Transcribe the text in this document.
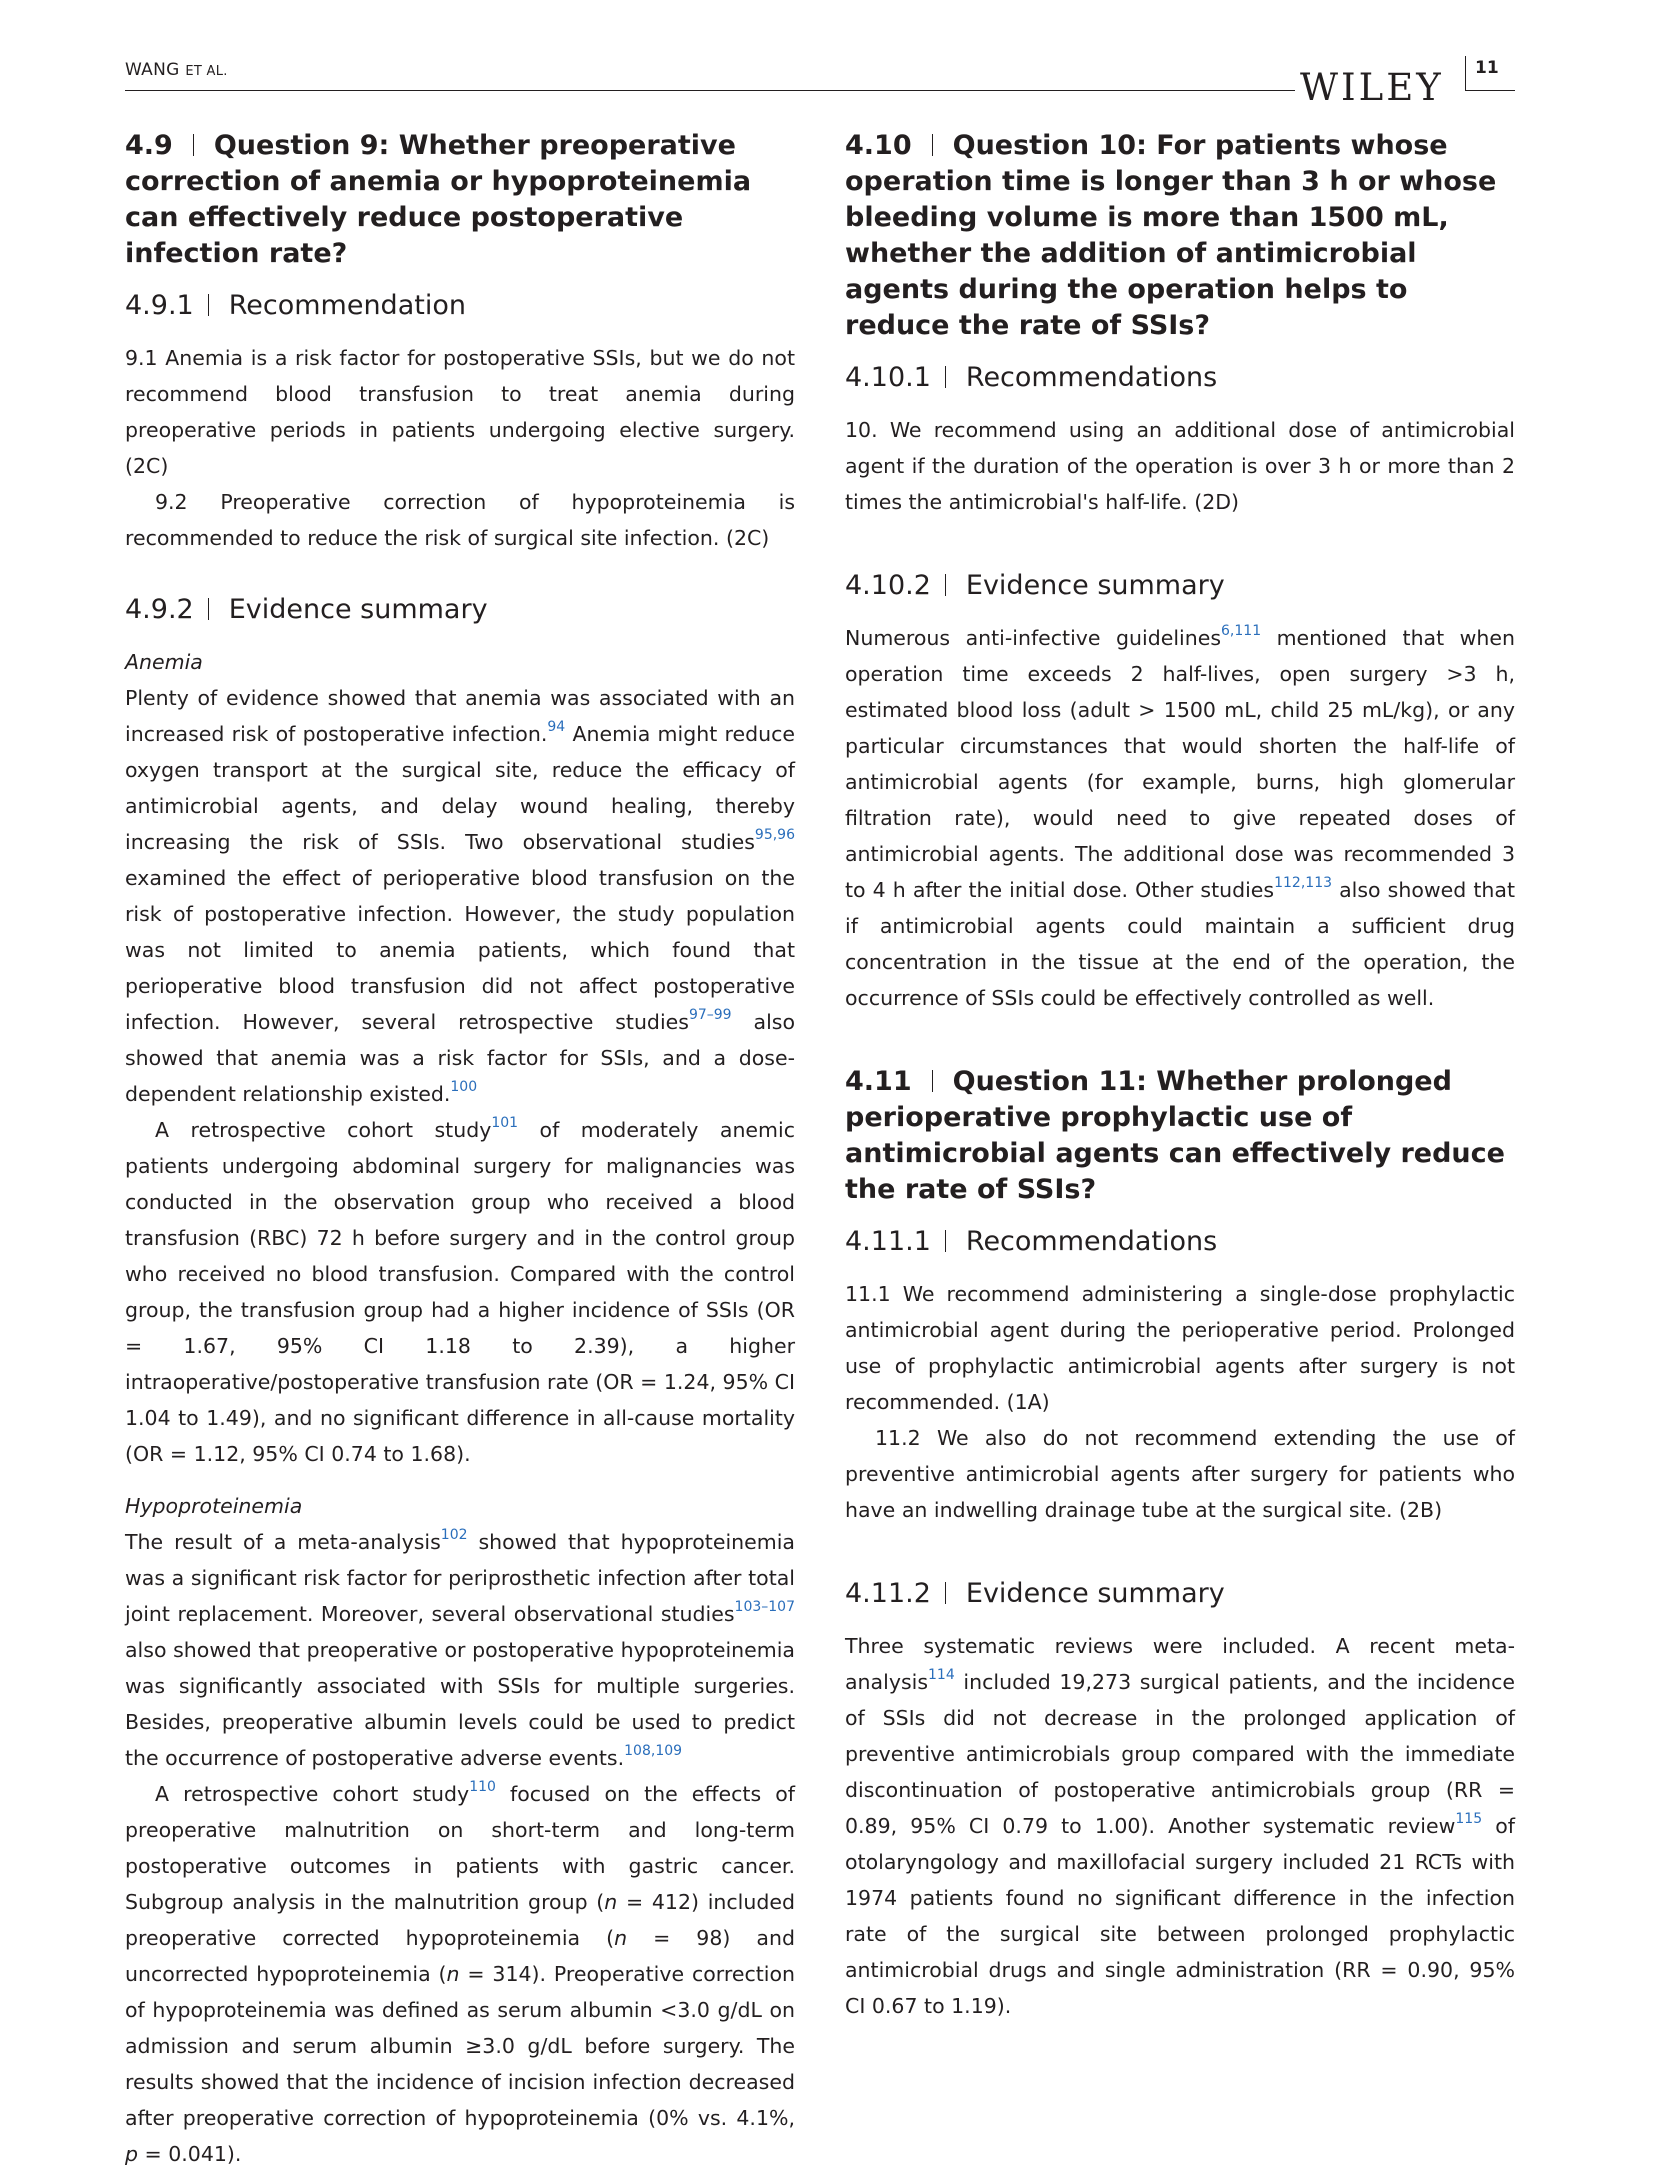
WANG ET AL.	WILEY 11
4.9 Question 9: Whether preoperative correction of anemia or hypoproteinemia can effectively reduce postoperative infection rate?
4.9.1 Recommendation

9.1 Anemia is a risk factor for postoperative SSIs, but we do not recommend blood transfusion to treat anemia during preoperative periods in patients undergoing elective surgery. (2C)

9.2 Preoperative correction of hypoproteinemia is recommended to reduce the risk of surgical site infection. (2C)

4.9.2 Evidence summary
Anemia

Plenty of evidence showed that anemia was associated with an increased risk of postoperative infection.$^{94}$ Anemia might reduce oxygen transport at the surgical site, reduce the efficacy of antimicrobial agents, and delay wound healing, thereby increasing the risk of SSIs. Two observational studies$^{95,96}$ examined the effect of perioperative blood transfusion on the risk of postoperative infection. However, the study population was not limited to anemia patients, which found that perioperative blood transfusion did not affect postoperative infection. However, several retrospective studies$^{97-99}$ also showed that anemia was a risk factor for SSIs, and a dose-dependent relationship existed.$^{100}$

A retrospective cohort study$^{101}$ of moderately anemic patients undergoing abdominal surgery for malignancies was conducted in the observation group who received a blood transfusion (RBC) 72 h before surgery and in the control group who received no blood transfusion. Compared with the control group, the transfusion group had a higher incidence of SSIs (OR = 1.67, 95% CI 1.18 to 2.39), a higher intraoperative/postoperative transfusion rate (OR = 1.24, 95% CI 1.04 to 1.49), and no significant difference in all-cause mortality (OR = 1.12, 95% CI 0.74 to 1.68).

Hypoproteinemia

The result of a meta-analysis$^{102}$ showed that hypoproteinemia was a significant risk factor for periprosthetic infection after total joint replacement. Moreover, several observational studies$^{103-107}$ also showed that preoperative or postoperative hypoproteinemia was significantly associated with SSIs for multiple surgeries. Besides, preoperative albumin levels could be used to predict the occurrence of postoperative adverse events.$^{108,109}$

A retrospective cohort study$^{110}$ focused on the effects of preoperative malnutrition on short-term and long-term postoperative outcomes in patients with gastric cancer. Subgroup analysis in the malnutrition group (n = 412) included preoperative corrected hypoproteinemia (n = 98) and uncorrected hypoproteinemia (n = 314). Preoperative correction of hypoproteinemia was defined as serum albumin <3.0 g/dL on admission and serum albumin ≥3.0 g/dL before surgery. The results showed that the incidence of incision infection decreased after preoperative correction of hypoproteinemia (0% vs. 4.1%, p = 0.041).

4.10 Question 10: For patients whose operation time is longer than 3 h or whose bleeding volume is more than 1500 mL, whether the addition of antimicrobial agents during the operation helps to reduce the rate of SSIs?
4.10.1 Recommendations

10. We recommend using an additional dose of antimicrobial agent if the duration of the operation is over 3 h or more than 2 times the antimicrobial's half-life. (2D)

4.10.2 Evidence summary

Numerous anti-infective guidelines$^{6,111}$ mentioned that when operation time exceeds 2 half-lives, open surgery >3 h, estimated blood loss (adult > 1500 mL, child 25 mL/kg), or any particular circumstances that would shorten the half-life of antimicrobial agents (for example, burns, high glomerular filtration rate), would need to give repeated doses of antimicrobial agents. The additional dose was recommended 3 to 4 h after the initial dose. Other studies$^{112,113}$ also showed that if antimicrobial agents could maintain a sufficient drug concentration in the tissue at the end of the operation, the occurrence of SSIs could be effectively controlled as well.

4.11 Question 11: Whether prolonged perioperative prophylactic use of antimicrobial agents can effectively reduce the rate of SSIs?
4.11.1 Recommendations

11.1 We recommend administering a single-dose prophylactic antimicrobial agent during the perioperative period. Prolonged use of prophylactic antimicrobial agents after surgery is not recommended. (1A)

11.2 We also do not recommend extending the use of preventive antimicrobial agents after surgery for patients who have an indwelling drainage tube at the surgical site. (2B)

4.11.2 Evidence summary

Three systematic reviews were included. A recent meta-analysis$^{114}$ included 19,273 surgical patients, and the incidence of SSIs did not decrease in the prolonged application of preventive antimicrobials group compared with the immediate discontinuation of postoperative antimicrobials group (RR = 0.89, 95% CI 0.79 to 1.00). Another systematic review$^{115}$ of otolaryngology and maxillofacial surgery included 21 RCTs with 1974 patients found no significant difference in the infection rate of the surgical site between prolonged prophylactic antimicrobial drugs and single administration (RR = 0.90, 95% CI 0.67 to 1.19).
